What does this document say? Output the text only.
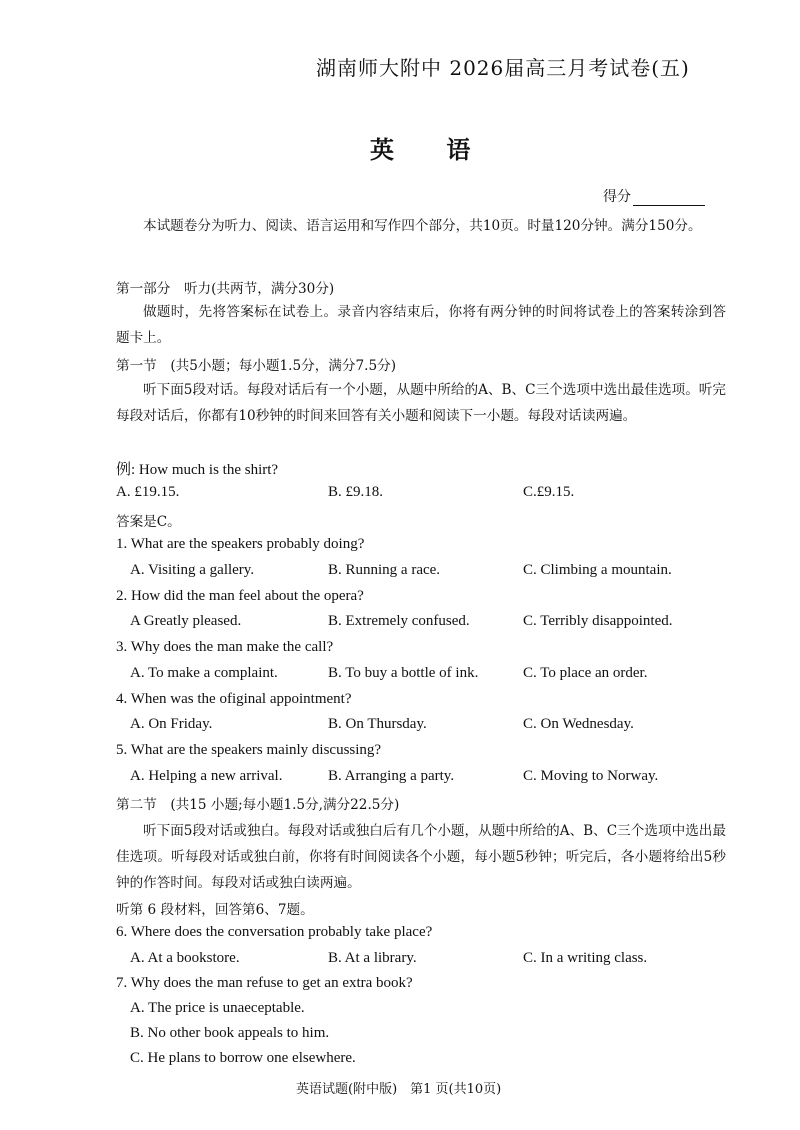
湖南师大附中 2026届高三月考试卷(五)
英 语
得分
本试题卷分为听力、阅读、语言运用和写作四个部分，共10页。时量120分钟。满分150分。
第一部分　听力(共两节，满分30分)
做题时，先将答案标在试卷上。录音内容结束后，你将有两分钟的时间将试卷上的答案转涂到答题卡上。
第一节　(共5小题；每小题1.5分，满分7.5分)
听下面5段对话。每段对话后有一个小题，从题中所给的A、B、C三个选项中选出最佳选项。听完每段对话后，你都有10秒钟的时间来回答有关小题和阅读下一小题。每段对话读两遍。
例: How much is the shirt?
A. £19.15.	B. £9.18.	C.£9.15.
答案是C。
1. What are the speakers probably doing?
A. Visiting a gallery.	B. Running a race.	C. Climbing a mountain.
2. How did the man feel about the opera?
A Greatly pleased.	B. Extremely confused.	C. Terribly disappointed.
3. Why does the man make the call?
A. To make a complaint.	B. To buy a bottle of ink.	C. To place an order.
4. When was the ofiginal appointment?
A. On Friday.	B. On Thursday.	C. On Wednesday.
5. What are the speakers mainly discussing?
A. Helping a new arrival.	B. Arranging a party.	C. Moving to Norway.
第二节　(共15 小题;每小题1.5分,满分22.5分)
听下面5段对话或独白。每段对话或独白后有几个小题，从题中所给的A、B、C三个选项中选出最佳选项。听每段对话或独白前，你将有时间阅读各个小题，每小题5秒钟；听完后，各小题将给出5秒钟的作答时间。每段对话或独白读两遍。
听第 6 段材料，回答第6、7题。
6. Where does the conversation probably take place?
A. At a bookstore.	B. At a library.	C. In a writing class.
7. Why does the man refuse to get an extra book?
A. The price is unaeceptable.
B. No other book appeals to him.
C. He plans to borrow one elsewhere.
英语试题(附中版)　第1 页(共10页)
